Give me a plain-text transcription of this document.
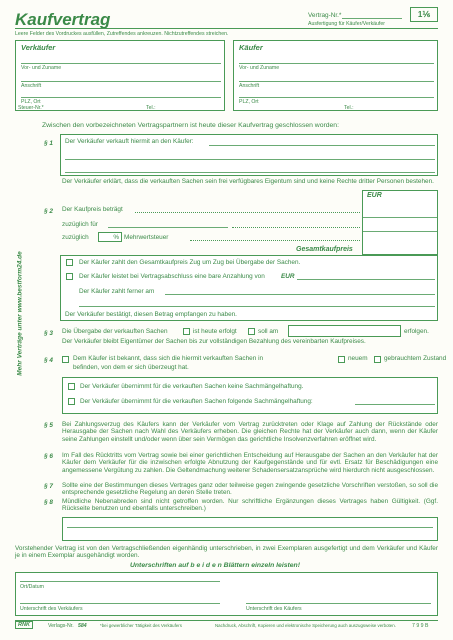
Mehr Verträge unter www.bestform24.de
Kaufvertrag	Vertrag-Nr.*
Ausfertigung für Käufer/Verkäufer
1⅙
Leere Felder des Vordruckes ausfüllen, Zutreffendes ankreuzen. Nichtzutreffendes streichen.
Verkäufer
Vor- und Zuname
Anschrift
PLZ, Ort
Steuer-Nr.*	Tel.:
Käufer
Vor- und Zuname
Anschrift
PLZ, Ort
Tel.:
Zwischen den vorbezeichneten Vertragspartnern ist heute dieser Kaufvertrag geschlossen worden:
§ 1 Der Verkäufer verkauft hiermit an den Käufer:
Der Verkäufer erklärt, dass die verkauften Sachen sein frei verfügbares Eigentum sind und keine Rechte dritter Personen bestehen.
§ 2 Der Kaufpreis beträgt
zuzüglich für
zuzüglich	% Mehrwertsteuer
EUR
Gesamtkaufpreis
Der Käufer zahlt den Gesamtkaufpreis Zug um Zug bei Übergabe der Sachen.
Der Käufer leistet bei Vertragsabschluss eine bare Anzahlung von	EUR
Der Käufer zahlt ferner am
Der Verkäufer bestätigt, diesen Betrag empfangen zu haben.
§ 3 Die Übergabe der verkauften Sachen	ist heute erfolgt	soll am	erfolgen.
Der Verkäufer bleibt Eigentümer der Sachen bis zur vollständigen Bezahlung des vereinbarten Kaufpreises.
§ 4	Dem Käufer ist bekannt, dass sich die hiermit verkauften Sachen in	neuem	gebrauchtem Zustand
befinden, von dem er sich überzeugt hat.
Der Verkäufer übernimmt für die verkauften Sachen keine Sachmängelhaftung.
Der Verkäufer übernimmt für die verkauften Sachen folgende Sachmängelhaftung:
§ 5 Bei Zahlungsverzug des Käufers kann der Verkäufer vom Vertrag zurücktreten oder Klage auf Zahlung der Rückstände oder Herausgabe der Sachen nach Wahl des Verkäufers erheben. Die gleichen Rechte hat der Verkäufer auch dann, wenn der Käufer seine Zahlungen einstellt und/oder wenn über sein Vermögen das gerichtliche Insolvenzverfahren eröffnet wird.
§ 6 Im Fall des Rücktritts vom Vertrag sowie bei einer gerichtlichen Entscheidung auf Herausgabe der Sachen an den Verkäufer hat der Käufer dem Verkäufer für die inzwischen erfolgte Abnutzung der Kaufgegenstände und für evtl. Ersatz für Beschädigungen eine angemessene Vergütung zu zahlen. Die Geltendmachung weiterer Schadensersatzansprüche wird hierdurch nicht ausgeschlossen.
§ 7 Sollte eine der Bestimmungen dieses Vertrages ganz oder teilweise gegen zwingende gesetzliche Vorschriften verstoßen, so soll die entsprechende gesetzliche Regelung an deren Stelle treten.
§ 8 Mündliche Nebenabreden sind nicht getroffen worden. Nur schriftliche Ergänzungen dieses Vertrages haben Gültigkeit. (Ggf. Rückseite benutzen und ebenfalls unterschreiben.)
Vorstehender Vertrag ist von den Vertragschließenden eigenhändig unterschrieben, in zwei Exemplaren ausgefertigt und dem Verkäufer und Käufer je in einem Exemplar ausgehändigt worden.
Unterschriften auf b e i d e n Blättern einzeln leisten!
Ort/Datum
Unterschrift des Verkäufers	Unterschrift des Käufers
RNK	Verlags-Nr. 584	*bei gewerblicher Tätigkeit des Verkäufers	Nachdruck, Abschrift, Kopieren und elektronische Speicherung auch auszugsweise verboten.	7 9 9 B
